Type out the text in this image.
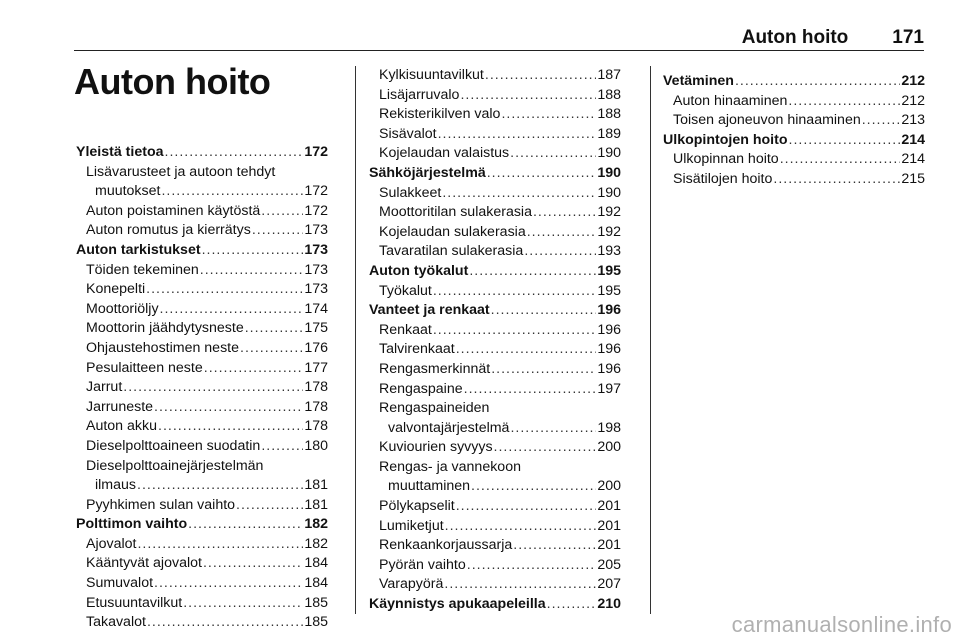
Auton hoito 171
Auton hoito
Yleistä tietoa .....	172
Lisävarusteet ja autoon tehdyt
muutokset .....	172
Auton poistaminen käytöstä .....	172
Auton romutus ja kierrätys .....	173
Auton tarkistukset .....	173
Töiden tekeminen .....	173
Konepelti .....	173
Moottoriöljy .....	174
Moottorin jäähdytysneste .....	175
Ohjaustehostimen neste .....	176
Pesulaitteen neste .....	177
Jarrut .....	178
Jarruneste .....	178
Auton akku .....	178
Dieselpolttoaineen suodatin .....	180
Dieselpolttoainejärjestelmän
ilmaus .....	181
Pyyhkimen sulan vaihto .....	181
Polttimon vaihto .....	182
Ajovalot .....	182
Kääntyvät ajovalot .....	184
Sumuvalot .....	184
Etusuuntavilkut .....	185
Takavalot .....	185
Kylkisuuntavilkut .....	187
Lisäjarruvalo .....	188
Rekisterikilven valo .....	188
Sisävalot .....	189
Kojelaudan valaistus .....	190
Sähköjärjestelmä .....	190
Sulakkeet .....	190
Moottoritilan sulakerasia .....	192
Kojelaudan sulakerasia .....	192
Tavaratilan sulakerasia .....	193
Auton työkalut .....	195
Työkalut .....	195
Vanteet ja renkaat .....	196
Renkaat .....	196
Talvirenkaat .....	196
Rengasmerkinnät .....	196
Rengaspaine .....	197
Rengaspaineiden
valvontajärjestelmä .....	198
Kuviourien syvyys .....	200
Rengas- ja vannekoon
muuttaminen .....	200
Pölykapselit .....	201
Lumiketjut .....	201
Renkaankorjaussarja .....	201
Pyörän vaihto .....	205
Varapyörä .....	207
Käynnistys apukaapeleilla .....	210
Vetäminen .....	212
Auton hinaaminen .....	212
Toisen ajoneuvon hinaaminen .....	213
Ulkopintojen hoito .....	214
Ulkopinnan hoito .....	214
Sisätilojen hoito .....	215
carmanualsonline.info
